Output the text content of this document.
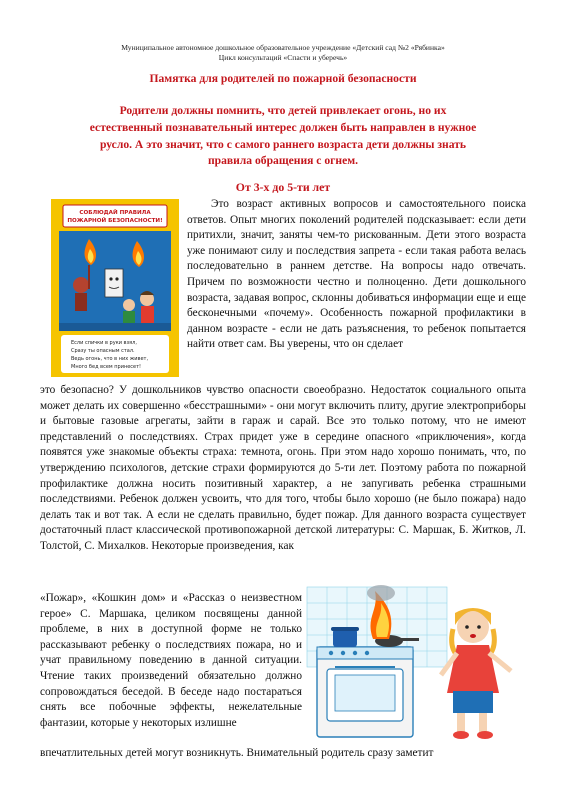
Муниципальное автономное дошкольное образовательное учреждение «Детский сад №2 «Рябинка»
Цикл консультаций «Спасти и уберечь»
Памятка для родителей по пожарной безопасности
Родители должны помнить, что детей привлекает огонь, но их естественный познавательный интерес должен быть направлен в нужное русло. А это значит, что с самого раннего возраста дети должны знать правила обращения с огнем.
От 3-х до 5-ти лет
СОБЛЮДАЙ ПРАВИЛА
ПОЖАРНОЙ БЕЗОПАСНОСТИ!
Если спички в руки взял,
Сразу ты опасным стал.
Ведь огонь, что в них живет,
Много бед всем принесет!

Это возраст активных вопросов и самостоятельного поиска ответов. Опыт многих поколений родителей подсказывает: если дети притихли, значит, заняты чем-то рискованным. Дети этого возраста уже понимают силу и последствия запрета - если такая работа велась последовательно в раннем детстве. На вопросы надо отвечать. Причем по возможности честно и полноценно. Дети дошкольного возраста, задавая вопрос, склонны добиваться информации еще и еще бесконечными «почему». Особенность пожарной профилактики в данном возрасте - если не дать разъяснения, то ребенок попытается найти ответ сам. Вы уверены, что он сделает

это безопасно? У дошкольников чувство опасности своеобразно. Недостаток социального опыта может делать их совершенно «бесстрашными» - они могут включить плиту, другие электроприборы и бытовые газовые агрегаты, зайти в гараж и сарай. Все это только потому, что не имеют представлений о последствиях. Страх придет уже в середине опасного «приключения», когда появятся уже знакомые объекты страха: темнота, огонь. При этом надо хорошо понимать, что, по утверждению психологов, детские страхи формируются до 5-ти лет. Поэтому работа по пожарной профилактике должна носить позитивный характер, а не запугивать ребенка страшными последствиями. Ребенок должен усвоить, что для того, чтобы было хорошо (не было пожара) надо делать так и вот так. А если не сделать правильно, будет пожар. Для данного возраста существует достаточный пласт классической противопожарной детской литературы: С. Маршак, Б. Житков, Л. Толстой, С. Михалков. Некоторые произведения, как

«Пожар», «Кошкин дом» и «Рассказ о неизвестном герое» С. Маршака, целиком посвящены данной проблеме, в них в доступной форме не только рассказывают ребенку о последствиях пожара, но и учат правильному поведению в данной ситуации. Чтение таких произведений обязательно должно сопровождаться беседой. В беседе надо постараться снять все побочные эффекты, нежелательные фантазии, которые у некоторых излишне

впечатлительных детей могут возникнуть. Внимательный родитель сразу заметит
